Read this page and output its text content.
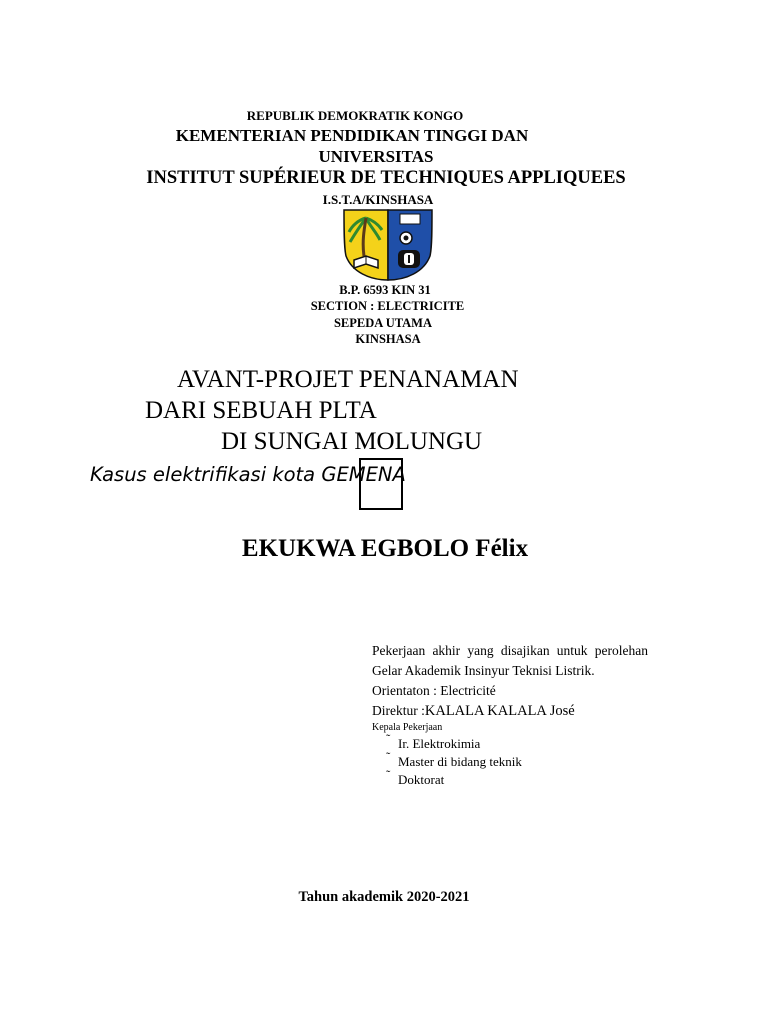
REPUBLIK DEMOKRATIK KONGO
KEMENTERIAN PENDIDIKAN TINGGI DAN
UNIVERSITAS
INSTITUT SUPÉRIEUR DE TECHNIQUES APPLIQUEES
I.S.T.A/KINSHASA
B.P. 6593 KIN 31
SECTION : ELECTRICITE
SEPEDA UTAMA
KINSHASA
AVANT-PROJET PENANAMAN
DARI SEBUAH PLTA
DI SUNGAI MOLUNGU
Kasus elektrifikasi kota GEMENA
EKUKWA EGBOLO Félix

Pekerjaan akhir yang disajikan untuk perolehan Gelar Akademik Insinyur Teknisi Listrik.

Orientaton : Electricité

Direktur :KALALA KALALA José

Kepala Pekerjaan

˜ Ir. Elektrokimia
˜ Master di bidang teknik
˜ Doktorat
Tahun akademik 2020-2021
